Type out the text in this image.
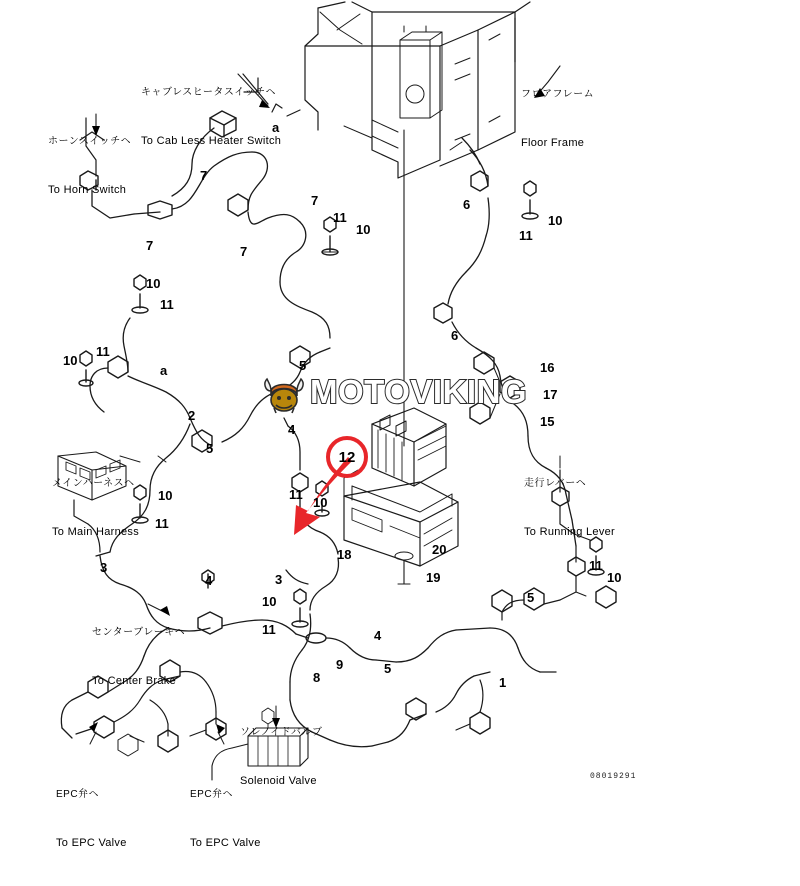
12
MOTOVIKING

キャブレスヒータスイッチヘ

To Cab Less Heater Switch

フロアフレーム

Floor Frame

ホーンスイッチヘ

To Horn Switch

メインハーネスヘ

To Main Harness

走行レバーヘ

To Running Lever

センターブレーキヘ

To Center Brake

ソレノイドバルブ

Solenoid Valve

EPC弁ヘ

To EPC Valve

EPC弁ヘ

To EPC Valve

a
7
7
11
10
6
10
11
7	7
10
11
6
11
10
a	5	16
17
15
2
5
4
10	11
10
11
3
4	3
18	20
19
11
10
10
11
5
4
8
9	5
1
08019291
